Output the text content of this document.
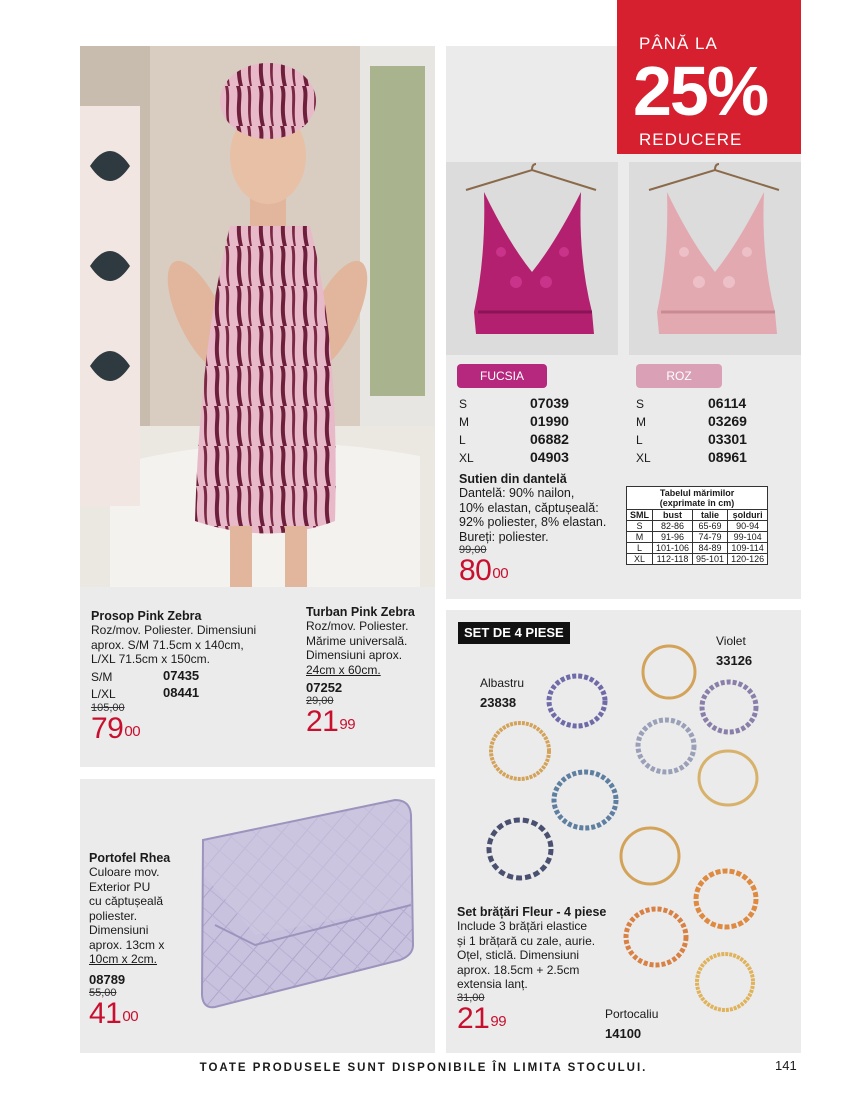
Prosop Pink Zebra
Roz/mov. Poliester. Dimensiuni
aprox. S/M 71.5cm x 140cm,
L/XL 71.5cm x 150cm.
S/M	07435
L/XL	08441
105,00
$79^{00}$
Turban Pink Zebra
Roz/mov. Poliester.
Mărime universală.
Dimensiuni aprox.
24cm x 60cm.
07252
29,00
$21^{99}$
PÂNĂ LA
25%
REDUCERE
FUCSIA	ROZ
S	07039
M	01990
L	06882
XL	04903
S	06114
M	03269
L	03301
XL	08961
Sutien din dantelă
Dantelă: 90% nailon,
10% elastan, căptușeală:
92% poliester, 8% elastan.
Bureți: poliester.
99,00
$80^{00}$
Tabelul mărimilor
(exprimate în cm)			

SML	bust	talie	șolduri
S	82-86	65-69	90-94
M	91-96	74-79	99-104
L	101-106	84-89	109-114
XL	112-118	95-101	120-126
Portofel Rhea
Culoare mov.
Exterior PU
cu căptușeală
poliester.
Dimensiuni
aprox. 13cm x
10cm x 2cm.
08789
55,00
$41^{00}$
SET DE 4 PIESE
Violet
33126
Albastru
23838
Portocaliu
14100
Set brățări Fleur - 4 piese
Include 3 brățări elastice
și 1 brățară cu zale, aurie.
Oțel, sticlă. Dimensiuni
aprox. 18.5cm + 2.5cm
extensia lanț.
31,00
$21^{99}$
TOATE PRODUSELE SUNT DISPONIBILE ÎN LIMITA STOCULUI.	141
